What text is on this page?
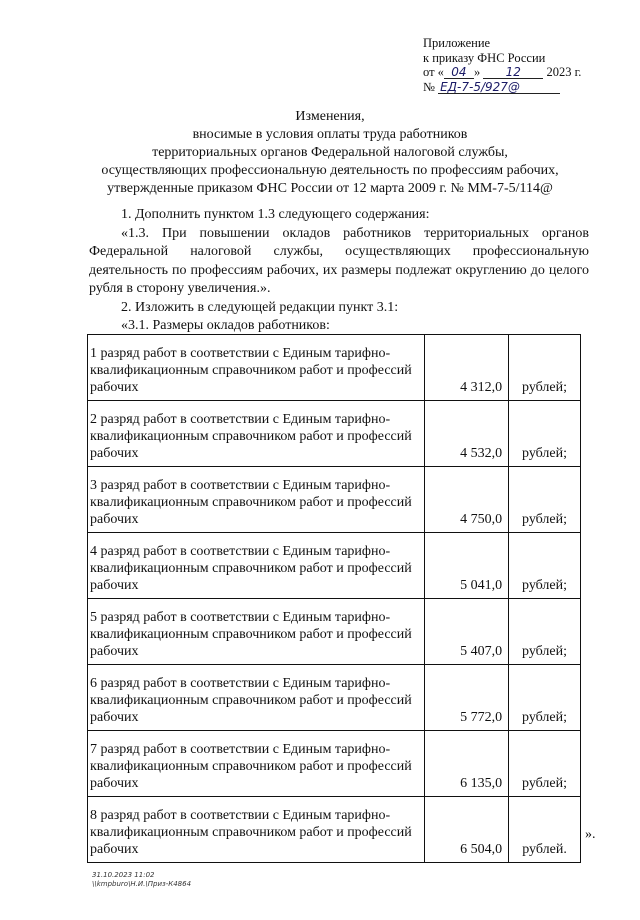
Приложение
к приказу ФНС России
от « 04 » 12 2023 г.
№ ЕД-7-5/927@
Изменения,
вносимые в условия оплаты труда работников
территориальных органов Федеральной налоговой службы,
осуществляющих профессиональную деятельность по профессиям рабочих,
утвержденные приказом ФНС России от 12 марта 2009 г. № ММ-7-5/114@

1. Дополнить пунктом 1.3 следующего содержания:

«1.3. При повышении окладов работников территориальных органов Федеральной налоговой службы, осуществляющих профессиональную деятельность по профессиям рабочих, их размеры подлежат округлению до целого рубля в сторону увеличения.».

2. Изложить в следующей редакции пункт 3.1:

«3.1. Размеры окладов работников:

1 разряд работ в соответствии с Единым тарифно-квалификационным справочником работ и профессий рабочих	4 312,0	рублей;
2 разряд работ в соответствии с Единым тарифно-квалификационным справочником работ и профессий рабочих	4 532,0	рублей;
3 разряд работ в соответствии с Единым тарифно-квалификационным справочником работ и профессий рабочих	4 750,0	рублей;
4 разряд работ в соответствии с Единым тарифно-квалификационным справочником работ и профессий рабочих	5 041,0	рублей;
5 разряд работ в соответствии с Единым тарифно-квалификационным справочником работ и профессий рабочих	5 407,0	рублей;
6 разряд работ в соответствии с Единым тарифно-квалификационным справочником работ и профессий рабочих	5 772,0	рублей;
7 разряд работ в соответствии с Единым тарифно-квалификационным справочником работ и профессий рабочих	6 135,0	рублей;
8 разряд работ в соответствии с Единым тарифно-квалификационным справочником работ и профессий рабочих	6 504,0	рублей.
».
31.10.2023 11:02
\\kmpburo\Н.И.\Приз-К4864
